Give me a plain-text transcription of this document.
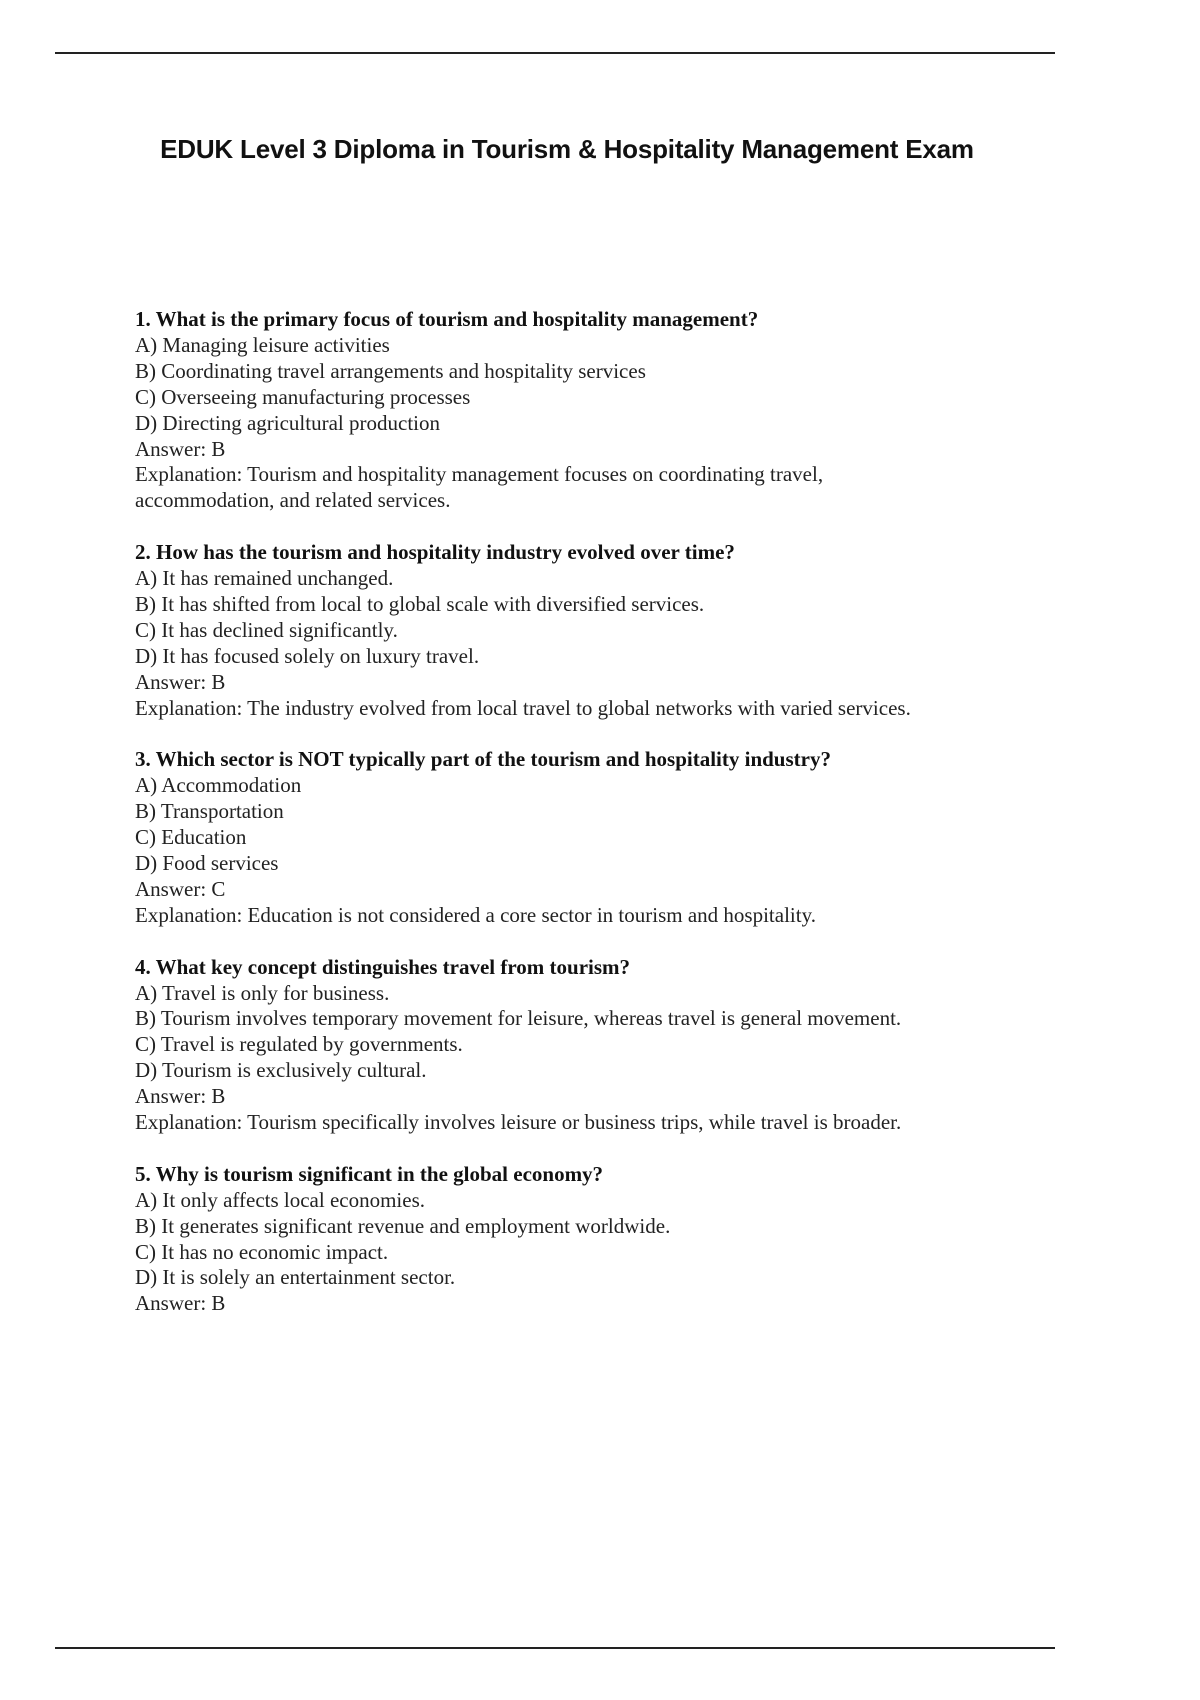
EDUK Level 3 Diploma in Tourism & Hospitality Management Exam
1. What is the primary focus of tourism and hospitality management?
A) Managing leisure activities
B) Coordinating travel arrangements and hospitality services
C) Overseeing manufacturing processes
D) Directing agricultural production
Answer: B
Explanation: Tourism and hospitality management focuses on coordinating travel, accommodation, and related services.
2. How has the tourism and hospitality industry evolved over time?
A) It has remained unchanged.
B) It has shifted from local to global scale with diversified services.
C) It has declined significantly.
D) It has focused solely on luxury travel.
Answer: B
Explanation: The industry evolved from local travel to global networks with varied services.
3. Which sector is NOT typically part of the tourism and hospitality industry?
A) Accommodation
B) Transportation
C) Education
D) Food services
Answer: C
Explanation: Education is not considered a core sector in tourism and hospitality.
4. What key concept distinguishes travel from tourism?
A) Travel is only for business.
B) Tourism involves temporary movement for leisure, whereas travel is general movement.
C) Travel is regulated by governments.
D) Tourism is exclusively cultural.
Answer: B
Explanation: Tourism specifically involves leisure or business trips, while travel is broader.
5. Why is tourism significant in the global economy?
A) It only affects local economies.
B) It generates significant revenue and employment worldwide.
C) It has no economic impact.
D) It is solely an entertainment sector.
Answer: B
